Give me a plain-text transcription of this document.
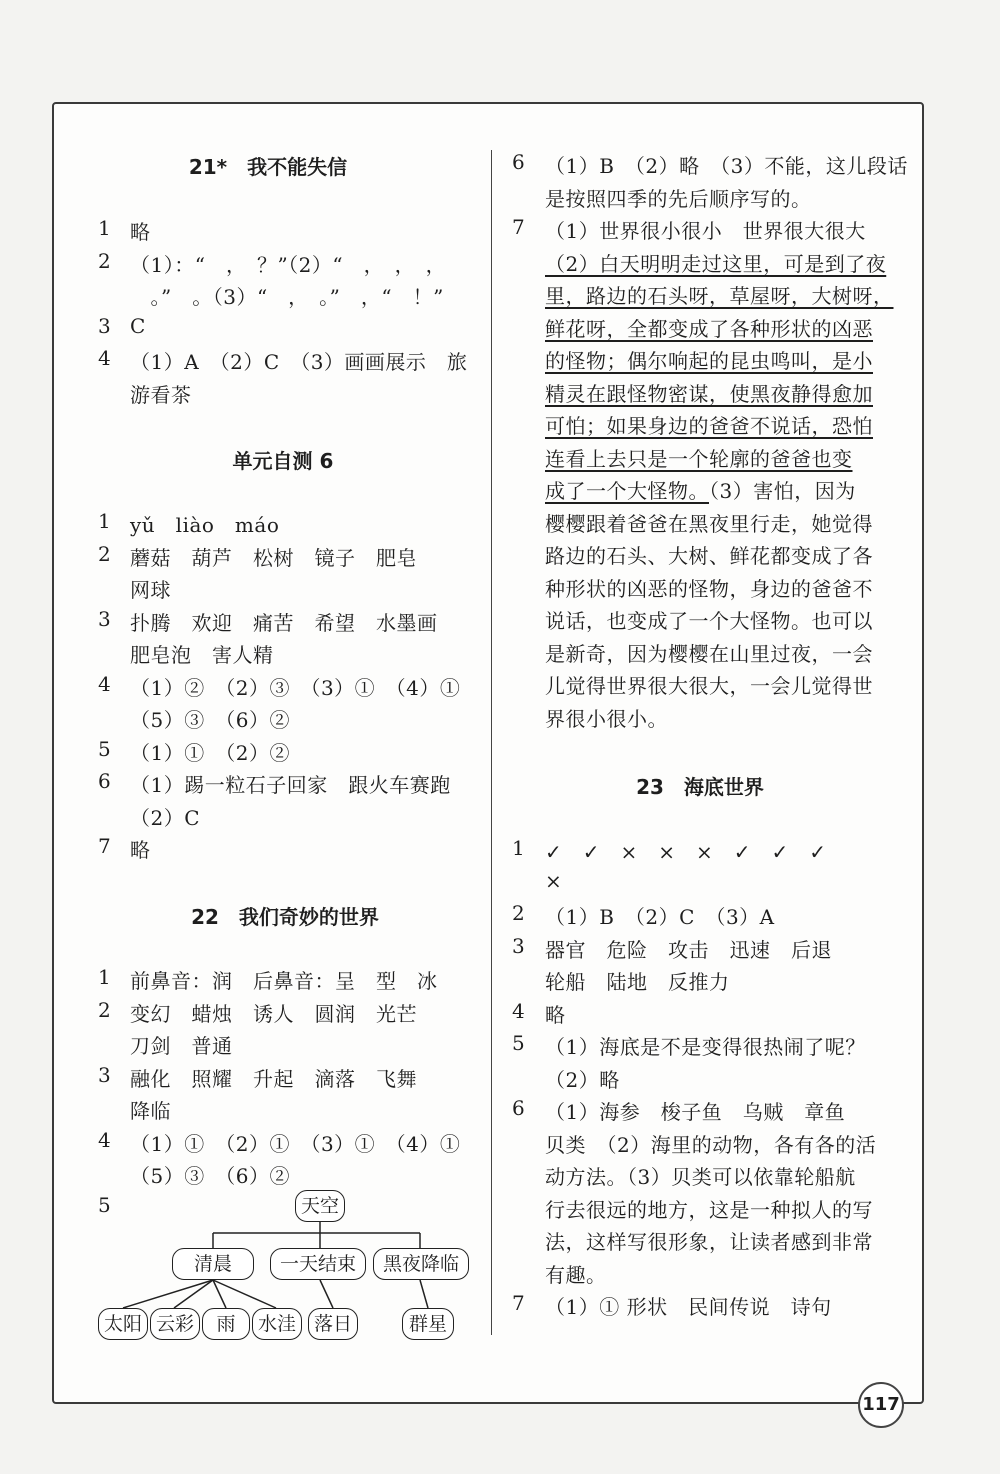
21*　我不能失信
1 略
2 （1）：“　，　？”（2）“　，　，　，
　。”　。（3）“　，　。”　，“　！”
3 C
4 （1）A　（2）C　（3）画画展示　旅
游看茶
单元自测 6
1 yǔ　liào　máo
2 蘑菇　葫芦　松树　镜子　肥皂
网球
3 扑腾　欢迎　痛苦　希望　水墨画
肥皂泡　害人精
4 （1）②　（2）③　（3）①　（4）①
（5）③　（6）②
5 （1）①　（2）②
6 （1）踢一粒石子回家　跟火车赛跑
（2）C
7 略
22　我们奇妙的世界
1 前鼻音：润　后鼻音：呈　型　冰
2 变幻　蜡烛　诱人　圆润　光芒
刀剑　普通
3 融化　照耀　升起　滴落　飞舞
降临
4 （1）①　（2）①　（3）①　（4）①
（5）③　（6）②
5
6 （1）B　（2）略　（3）不能，这儿段话
是按照四季的先后顺序写的。
7 （1）世界很小很小　世界很大很大
（2）白天明明走过这里，可是到了夜
里，路边的石头呀，草屋呀，大树呀，
鲜花呀，全都变成了各种形状的凶恶
的怪物；偶尔响起的昆虫鸣叫，是小
精灵在跟怪物密谋，使黑夜静得愈加
可怕；如果身边的爸爸不说话，恐怕
连看上去只是一个轮廓的爸爸也变
成了一个大怪物。（3）害怕，因为
樱樱跟着爸爸在黑夜里行走，她觉得
路边的石头、大树、鲜花都变成了各
种形状的凶恶的怪物，身边的爸爸不
说话，也变成了一个大怪物。也可以
是新奇，因为樱樱在山里过夜，一会
儿觉得世界很大很大，一会儿觉得世
界很小很小。
23　海底世界
1 ✓　✓　×　×　×　✓　✓　✓
×
2 （1）B　（2）C　（3）A
3 器官　危险　攻击　迅速　后退
轮船　陆地　反推力
4 略
5 （1）海底是不是变得很热闹了呢？
（2）略
6 （1）海参　梭子鱼　乌贼　章鱼
贝类　（2）海里的动物，各有各的活
动方法。（3）贝类可以依靠轮船航
行去很远的地方，这是一种拟人的写
法，这样写很形象，让读者感到非常
有趣。
7 （1）① 形状　民间传说　诗句
天空
清晨	一天结束	黑夜降临
太阳 云彩	雨	水洼 落日	群星
117
